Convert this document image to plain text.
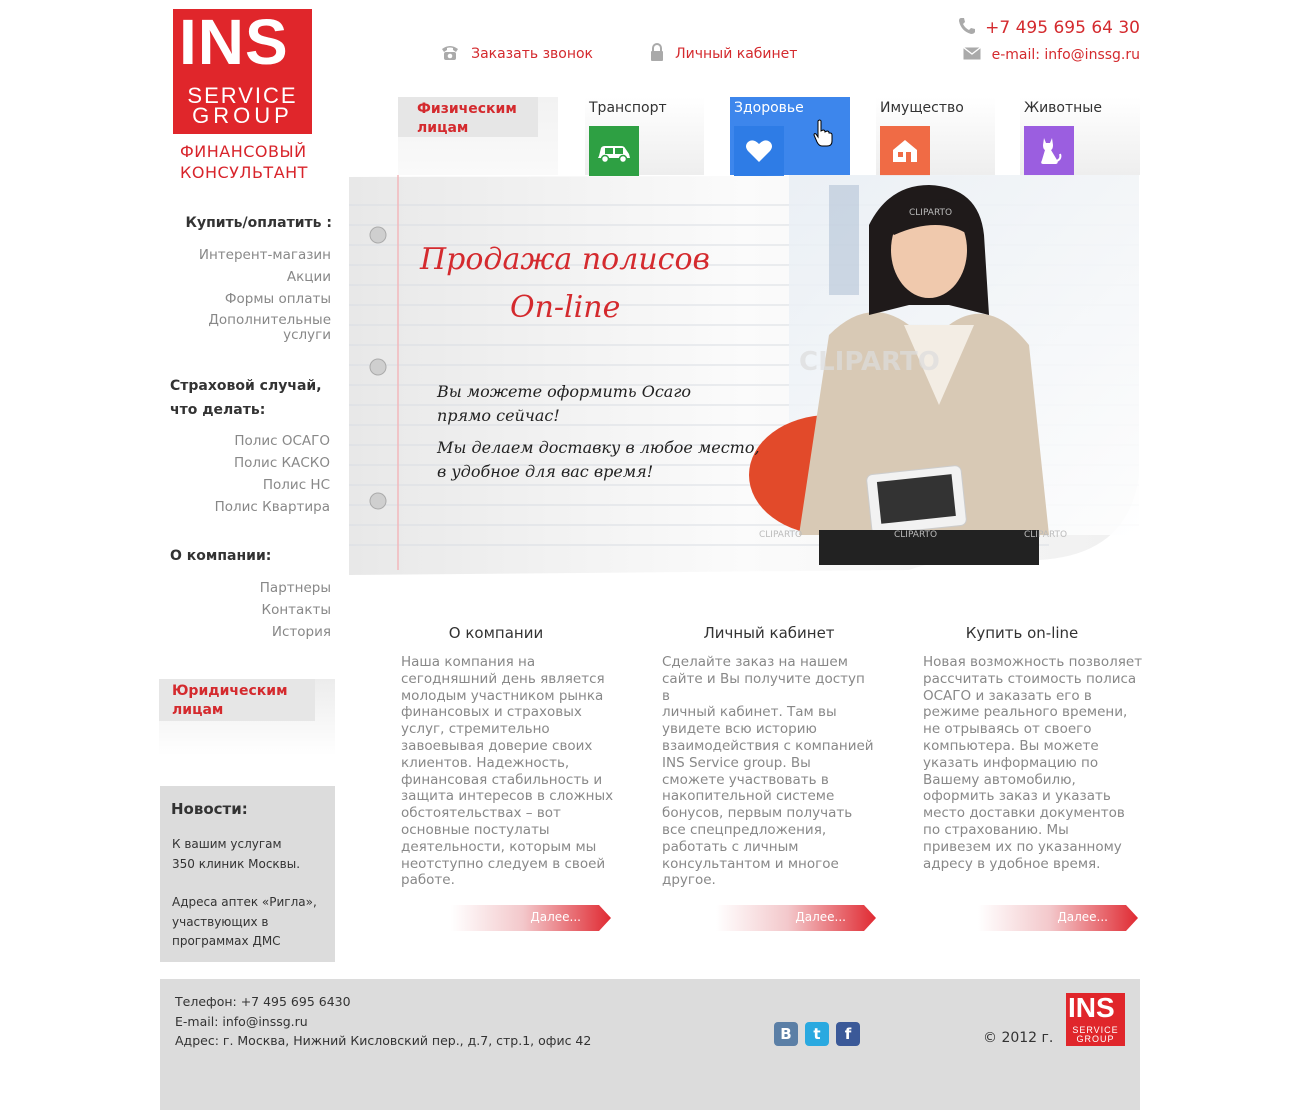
INS
SERVICE
GROUP
ФИНАНСОВЫЙ
КОНСУЛЬТАНТ
Заказать звонок	Личный кабинет
+7 495 695 64 30
e-mail: info@inssg.ru
Физическим
лицам
Транспорт	Здоровье	Имущество	Животные
CLIPARTO
CLIPARTO
CLIPARTO	CLIPARTO	CLIPARTO
Продажа полисов
On-line
Вы можете оформить Осаго
прямо сейчас!
Мы делаем доставку в любое место,
в удобное для вас время!
Купить/оплатить :
Интерент-магазин
Акции
Формы оплаты
Дополнительные
услуги
Страховой случай,
что делать:
Полис ОСАГО
Полис КАСКО
Полис НС
Полис Квартира
О компании:
Партнеры
Контакты
История
Юридическим
лицам
Новости:
К вашим услугам
350 клиник Москвы.
Адреса аптек «Ригла»,
участвующих в
программах ДМС
О компании
Наша компания на
сегодняшний день является
молодым участником рынка
финансовых и страховых
услуг, стремительно
завоевывая доверие своих
клиентов. Надежность,
финансовая стабильность и
защита интересов в сложных
обстоятельствах – вот
основные постулаты
деятельности, которым мы
неотступно следуем в своей
работе.
Далее...
Личный кабинет
Сделайте заказ на нашем
сайте и Вы получите доступ в
личный кабинет. Там вы
увидете всю историю
взаимодействия с компанией
INS Service group. Вы
сможете участвовать в
накопительной системе
бонусов, первым получать
все спецпредложения,
работать с личным
консультантом и многое
другое.
Далее...
Купить on-line
Новая возможность позволяет
рассчитать стоимость полиса
ОСАГО и заказать его в
режиме реального времени,
не отрываясь от своего
компьютера. Вы можете
указать информацию по
Вашему автомобилю,
оформить заказ и указать
место доставки документов
по страхованию. Мы
привезем их по указанному
адресу в удобное время.
Далее...
Телефон: +7 495 695 6430
E-mail: info@inssg.ru
Адрес: г. Москва, Нижний Кисловский пер., д.7, стр.1, офис 42	B	t	f	© 2012 г.
INS
SERVICE
GROUP
